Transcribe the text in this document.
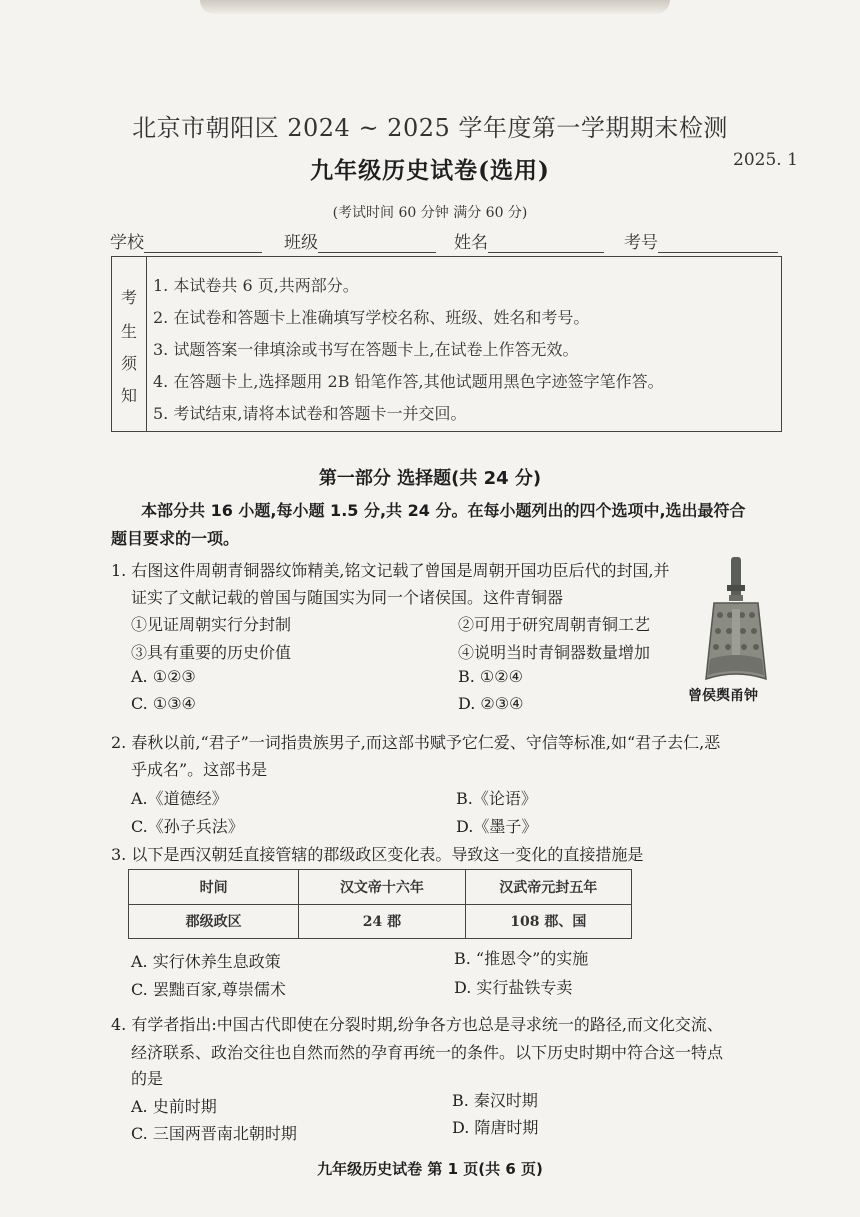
北京市朝阳区 2024 ~ 2025 学年度第一学期期末检测
九年级历史试卷(选用)	2025. 1
(考试时间 60 分钟 满分 60 分)
学校	班级	姓名	考号
考
生
须
知
1. 本试卷共 6 页,共两部分。
2. 在试卷和答题卡上准确填写学校名称、班级、姓名和考号。
3. 试题答案一律填涂或书写在答题卡上,在试卷上作答无效。
4. 在答题卡上,选择题用 2B 铅笔作答,其他试题用黑色字迹签字笔作答。
5. 考试结束,请将本试卷和答题卡一并交回。
第一部分 选择题(共 24 分)
本部分共 16 小题,每小题 1.5 分,共 24 分。在每小题列出的四个选项中,选出最符合
题目要求的一项。
1. 右图这件周朝青铜器纹饰精美,铭文记载了曾国是周朝开国功臣后代的封国,并
证实了文献记载的曾国与随国实为同一个诸侯国。这件青铜器
①见证周朝实行分封制	②可用于研究周朝青铜工艺
③具有重要的历史价值	④说明当时青铜器数量增加
A. ①②③	B. ①②④
C. ①③④	D. ②③④	曾侯舆甬钟
2. 春秋以前,“君子”一词指贵族男子,而这部书赋予它仁爱、守信等标准,如“君子去仁,恶
乎成名”。这部书是
A.《道德经》	B.《论语》
C.《孙子兵法》	D.《墨子》
3. 以下是西汉朝廷直接管辖的郡级政区变化表。导致这一变化的直接措施是
时间	汉文帝十六年	汉武帝元封五年
郡级政区	24 郡	108 郡、国
A. 实行休养生息政策	B. “推恩令”的实施
C. 罢黜百家,尊崇儒术	D. 实行盐铁专卖
4. 有学者指出:中国古代即使在分裂时期,纷争各方也总是寻求统一的路径,而文化交流、
经济联系、政治交往也自然而然的孕育再统一的条件。以下历史时期中符合这一特点
的是
A. 史前时期	B. 秦汉时期
C. 三国两晋南北朝时期	D. 隋唐时期
九年级历史试卷 第 1 页(共 6 页)
